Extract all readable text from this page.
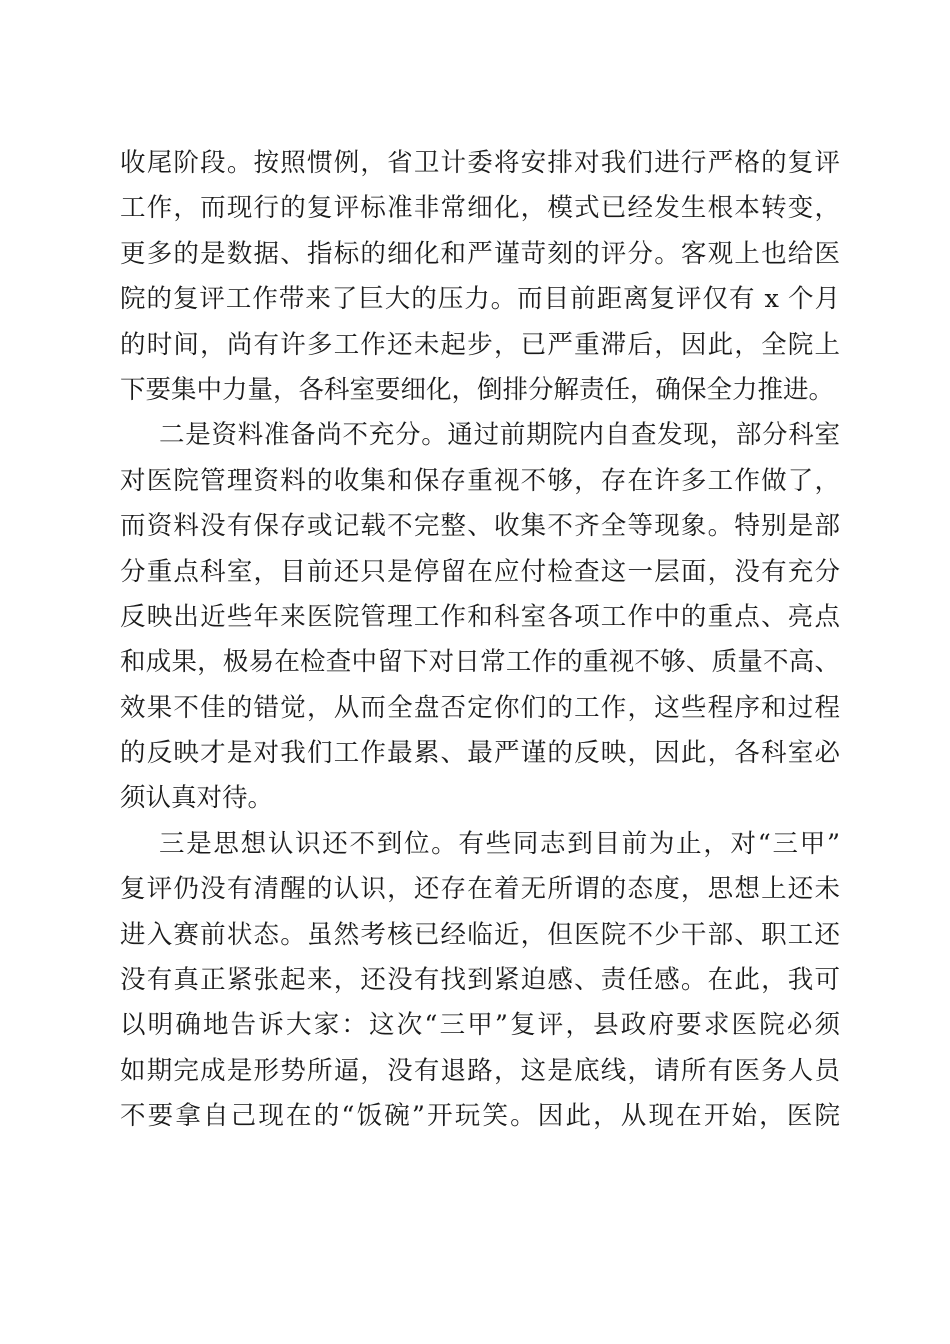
收尾阶段。按照惯例，省卫计委将安排对我们进行严格的复评
工作，而现行的复评标准非常细化，模式已经发生根本转变，
更多的是数据、指标的细化和严谨苛刻的评分。客观上也给医
院的复评工作带来了巨大的压力。而目前距离复评仅有 x 个月
的时间，尚有许多工作还未起步，已严重滞后，因此，全院上
下要集中力量，各科室要细化，倒排分解责任，确保全力推进。
二是资料准备尚不充分。通过前期院内自查发现，部分科室
对医院管理资料的收集和保存重视不够，存在许多工作做了，
而资料没有保存或记载不完整、收集不齐全等现象。特别是部
分重点科室，目前还只是停留在应付检查这一层面，没有充分
反映出近些年来医院管理工作和科室各项工作中的重点、亮点
和成果，极易在检查中留下对日常工作的重视不够、质量不高、
效果不佳的错觉，从而全盘否定你们的工作，这些程序和过程
的反映才是对我们工作最累、最严谨的反映，因此，各科室必
须认真对待。
三是思想认识还不到位。有些同志到目前为止，对“三甲”
复评仍没有清醒的认识，还存在着无所谓的态度，思想上还未
进入赛前状态。虽然考核已经临近，但医院不少干部、职工还
没有真正紧张起来，还没有找到紧迫感、责任感。在此，我可
以明确地告诉大家：这次“三甲”复评，县政府要求医院必须
如期完成是形势所逼，没有退路，这是底线，请所有医务人员
不要拿自己现在的“饭碗”开玩笑。因此，从现在开始，医院
